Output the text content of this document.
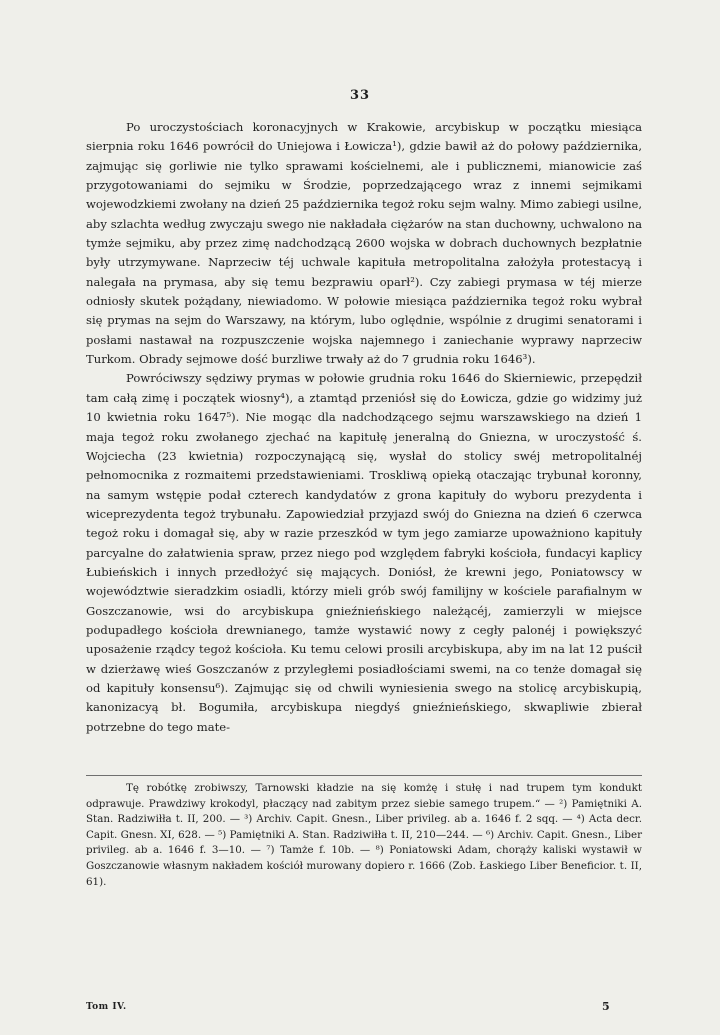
33

Po uroczystościach koronacyjnych w Krakowie, arcybiskup w początku miesiąca sierpnia roku 1646 powrócił do Uniejowa i Łowicza¹), gdzie bawił aż do połowy października, zajmując się gorliwie nie tylko sprawami kościelnemi, ale i publicznemi, mianowicie zaś przygotowaniami do sejmiku w Środzie, poprzedzającego wraz z innemi sejmikami wojewodzkiemi zwołany na dzień 25 października tegoż roku sejm walny. Mimo zabiegi usilne, aby szlachta według zwyczaju swego nie nakładała ciężarów na stan duchowny, uchwalono na tymże sejmiku, aby przez zimę nadchodzącą 2600 wojska w dobrach duchownych bezpłatnie były utrzymywane. Naprzeciw téj uchwale kapituła metropolitalna założyła protestacyą i nalegała na prymasa, aby się temu bezprawiu oparł²). Czy zabiegi prymasa w téj mierze odniosły skutek pożądany, niewiadomo. W połowie miesiąca października tegoż roku wybrał się prymas na sejm do Warszawy, na którym, lubo oględnie, wspólnie z drugimi senatorami i posłami nastawał na rozpuszczenie wojska najemnego i zaniechanie wyprawy naprzeciw Turkom. Obrady sejmowe dość burzliwe trwały aż do 7 grudnia roku 1646³).

Powróciwszy sędziwy prymas w połowie grudnia roku 1646 do Skierniewic, przepędził tam całą zimę i początek wiosny⁴), a ztamtąd przeniósł się do Łowicza, gdzie go widzimy już 10 kwietnia roku 1647⁵). Nie mogąc dla nadchodzącego sejmu warszawskiego na dzień 1 maja tegoż roku zwołanego zjechać na kapitułę jeneralną do Gniezna, w uroczystość ś. Wojciecha (23 kwietnia) rozpoczynającą się, wysłał do stolicy swéj metropolitalnéj pełnomocnika z rozmaitemi przedstawieniami. Troskliwą opieką otaczając trybunał koronny, na samym wstępie podał czterech kandydatów z grona kapituły do wyboru prezydenta i wiceprezydenta tegoż trybunału. Zapowiedział przyjazd swój do Gniezna na dzień 6 czerwca tegoż roku i domagał się, aby w razie przeszkód w tym jego zamiarze upoważniono kapituły parcyalne do załatwienia spraw, przez niego pod względem fabryki kościoła, fundacyi kaplicy Łubieńskich i innych przedłożyć się mających. Doniósł, że krewni jego, Poniatowscy w województwie sieradzkim osiadli, którzy mieli grób swój familijny w kościele parafialnym w Goszczanowie, wsi do arcybiskupa gnieźnieńskiego należącéj, zamierzyli w miejsce podupadłego kościoła drewnianego, tamże wystawić nowy z cegły palonéj i powiększyć uposażenie rządcy tegoż kościoła. Ku temu celowi prosili arcybiskupa, aby im na lat 12 puścił w dzierżawę wieś Goszczanów z przyległemi posiadłościami swemi, na co tenże domagał się od kapituły konsensu⁶). Zajmując się od chwili wyniesienia swego na stolicę arcybiskupią, kanonizacyą bł. Bogumiła, arcybiskupa niegdyś gnieźnieńskiego, skwapliwie zbierał potrzebne do tego mate-

Tę robótkę zrobiwszy, Tarnowski kładzie na się komżę i stułę i nad trupem tym kondukt odprawuje. Prawdziwy krokodyl, płaczący nad zabitym przez siebie samego trupem.“ — ²) Pamiętniki A. Stan. Radziwiłła t. II, 200. — ³) Archiv. Capit. Gnesn., Liber privileg. ab a. 1646 f. 2 sqq. — ⁴) Acta decr. Capit. Gnesn. XI, 628. — ⁵) Pamiętniki A. Stan. Radziwiłła t. II, 210—244. — ⁶) Archiv. Capit. Gnesn., Liber privileg. ab a. 1646 f. 3—10. — ⁷) Tamże f. 10b. — ⁸) Poniatowski Adam, chorąży kaliski wystawił w Goszczanowie własnym nakładem kościół murowany dopiero r. 1666 (Zob. Łaskiego Liber Beneficior. t. II, 61).

Tom IV.	5
